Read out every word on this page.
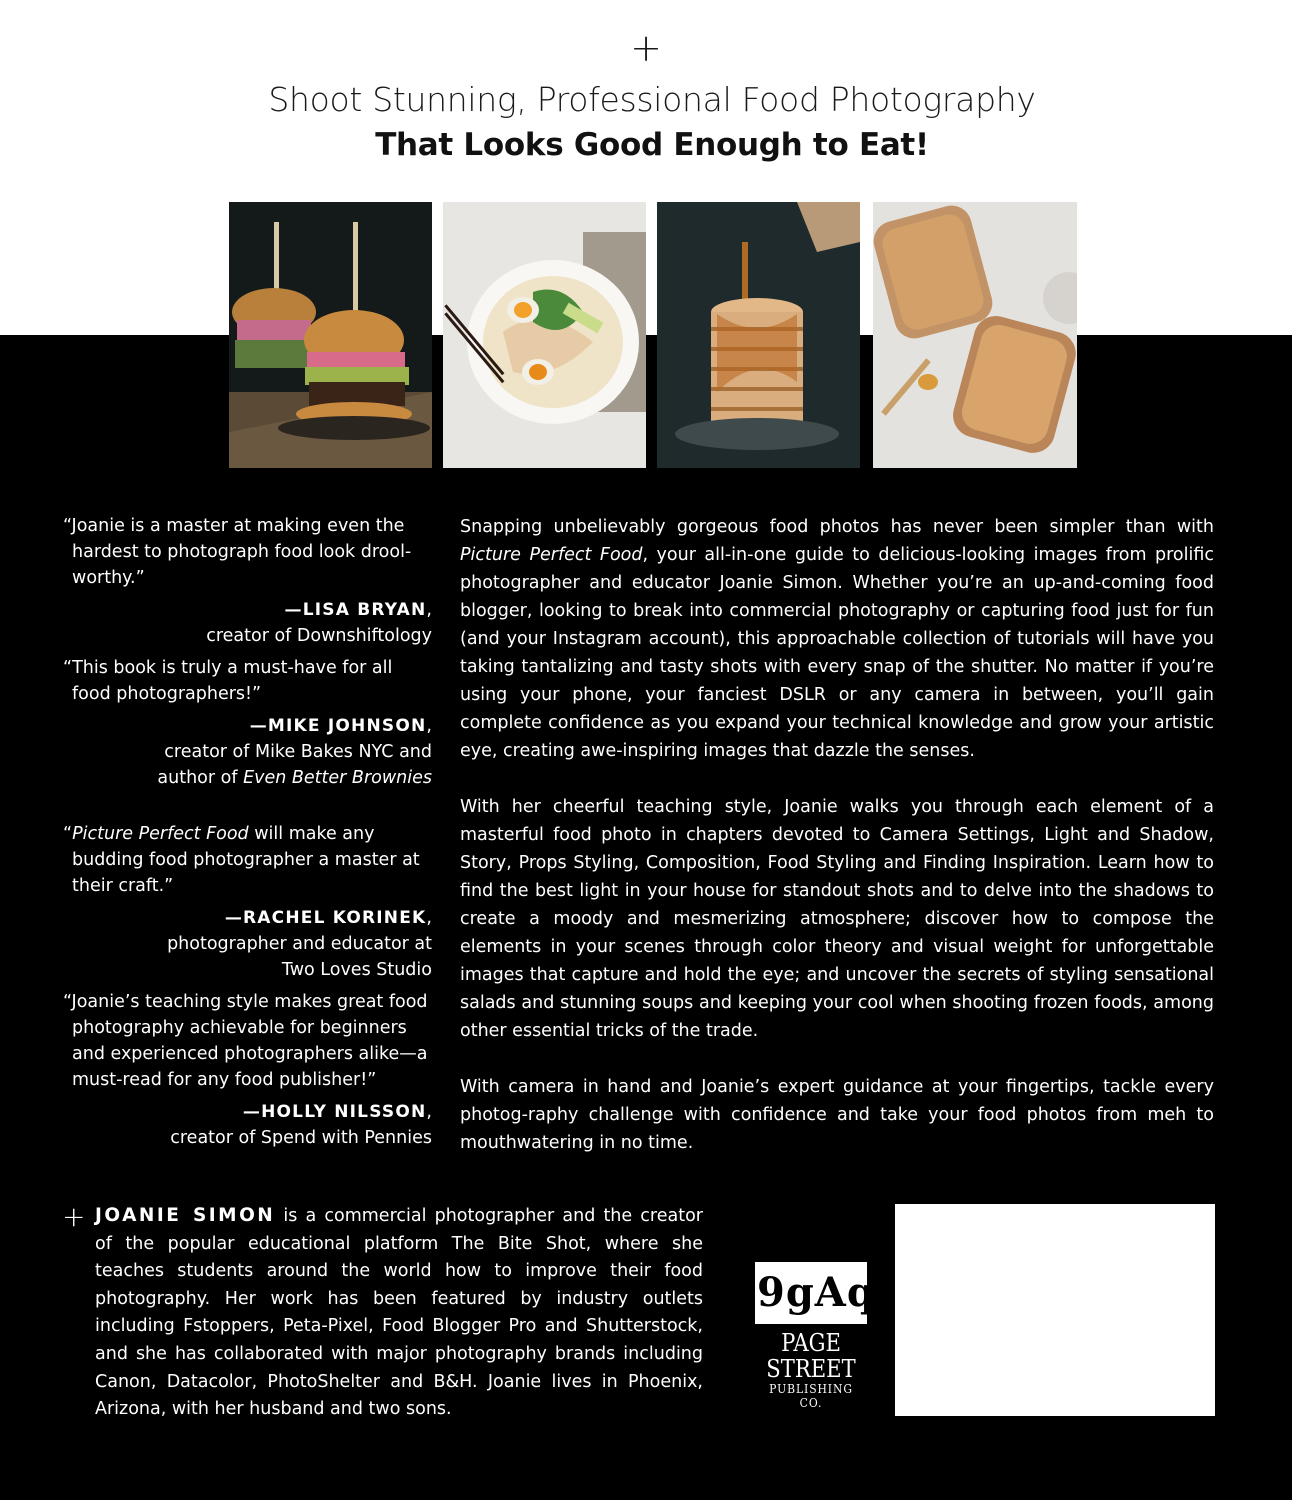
+
Shoot Stunning, Professional Food Photography
That Looks Good Enough to Eat!
“Joanie is a master at making even the hardest to photograph food look drool-worthy.”
—LISA BRYAN,
creator of Downshiftology
“This book is truly a must-have for all food photographers!”
—MIKE JOHNSON,
creator of Mike Bakes NYC and
author of Even Better Brownies
“Picture Perfect Food will make any budding food photographer a master at their craft.”
—RACHEL KORINEK,
photographer and educator at
Two Loves Studio
“Joanie’s teaching style makes great food photography achievable for beginners and experienced photographers alike—a must-read for any food publisher!”
—HOLLY NILSSON,
creator of Spend with Pennies

Snapping unbelievably gorgeous food photos has never been simpler than with Picture Perfect Food, your all-in-one guide to delicious-looking images from prolific photographer and educator Joanie Simon. Whether you’re an up-and-coming food blogger, looking to break into commercial photography or capturing food just for fun (and your Instagram account), this approachable collection of tutorials will have you taking tantalizing and tasty shots with every snap of the shutter. No matter if you’re using your phone, your fanciest DSLR or any camera in between, you’ll gain complete confidence as you expand your technical knowledge and grow your artistic eye, creating awe-inspiring images that dazzle the senses.

With her cheerful teaching style, Joanie walks you through each element of a masterful food photo in chapters devoted to Camera Settings, Light and Shadow, Story, Props Styling, Composition, Food Styling and Finding Inspiration. Learn how to find the best light in your house for standout shots and to delve into the shadows to create a moody and mesmerizing atmosphere; discover how to compose the elements in your scenes through color theory and visual weight for unforgettable images that capture and hold the eye; and uncover the secrets of styling sensational salads and stunning soups and keeping your cool when shooting frozen foods, among other essential tricks of the trade.

With camera in hand and Joanie’s expert guidance at your fingertips, tackle every photog-raphy challenge with confidence and take your food photos from meh to mouthwatering in no time.

+ JOANIE SIMON is a commercial photographer and the creator of the popular educational platform The Bite Shot, where she teaches students around the world how to improve their food photography. Her work has been featured by industry outlets including Fstoppers, Peta-Pixel, Food Blogger Pro and Shutterstock, and she has collaborated with major photography brands including Canon, Datacolor, PhotoShelter and B&H. Joanie lives in Phoenix, Arizona, with her husband and two sons.
9gAq
PAGE STREET
PUBLISHING CO.
